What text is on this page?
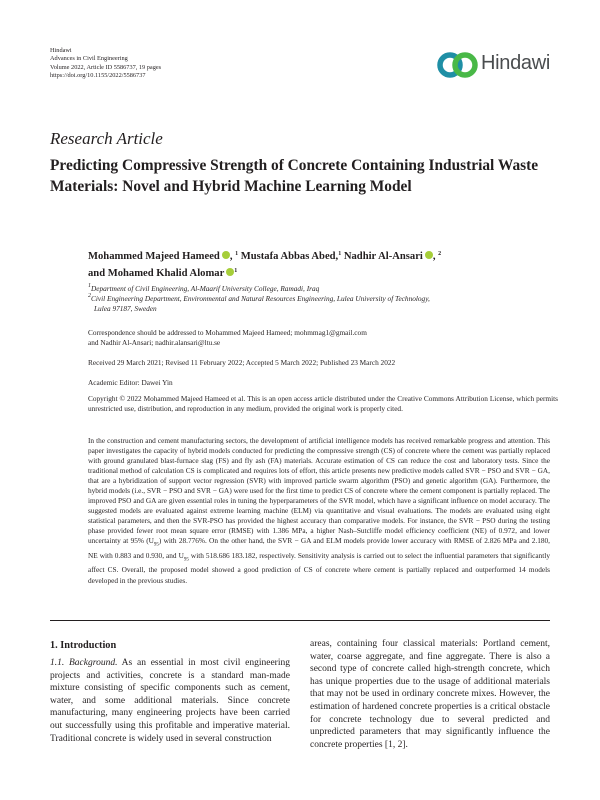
Hindawi
Advances in Civil Engineering
Volume 2022, Article ID 5586737, 19 pages
https://doi.org/10.1155/2022/5586737
Hindawi
Research Article
Predicting Compressive Strength of Concrete Containing Industrial Waste Materials: Novel and Hybrid Machine Learning Model
Mohammed Majeed Hameed , $^1$ Mustafa Abbas Abed,$^1$ Nadhir Al-Ansari , $^2$
and Mohamed Khalid Alomar $^1$
$^1$Department of Civil Engineering, Al-Maarif University College, Ramadi, Iraq
$^2$Civil Engineering Department, Environmental and Natural Resources Engineering, Lulea University of Technology,
Lulea 97187, Sweden
Correspondence should be addressed to Mohammed Majeed Hameed; mohmmag1@gmail.com
and Nadhir Al-Ansari; nadhir.alansari@ltu.se
Received 29 March 2021; Revised 11 February 2022; Accepted 5 March 2022; Published 23 March 2022
Academic Editor: Dawei Yin
Copyright © 2022 Mohammed Majeed Hameed et al. This is an open access article distributed under the Creative Commons Attribution License, which permits unrestricted use, distribution, and reproduction in any medium, provided the original work is properly cited.

In the construction and cement manufacturing sectors, the development of artificial intelligence models has received remarkable progress and attention. This paper investigates the capacity of hybrid models conducted for predicting the compressive strength (CS) of concrete where the cement was partially replaced with ground granulated blast-furnace slag (FS) and fly ash (FA) materials. Accurate estimation of CS can reduce the cost and laboratory tests. Since the traditional method of calculation CS is complicated and requires lots of effort, this article presents new predictive models called SVR − PSO and SVR − GA, that are a hybridization of support vector regression (SVR) with improved particle swarm algorithm (PSO) and genetic algorithm (GA). Furthermore, the hybrid models (i.e., SVR − PSO and SVR − GA) were used for the first time to predict CS of concrete where the cement component is partially replaced. The improved PSO and GA are given essential roles in tuning the hyperparameters of the SVR model, which have a significant influence on model accuracy. The suggested models are evaluated against extreme learning machine (ELM) via quantitative and visual evaluations. The models are evaluated using eight statistical parameters, and then the SVR-PSO has provided the highest accuracy than comparative models. For instance, the SVR − PSO during the testing phase provided fewer root mean square error (RMSE) with 1.386 MPa, a higher Nash–Sutcliffe model efficiency coefficient (NE) of 0.972, and lower uncertainty at 95% $(U_{95})$ with 28.776%. On the other hand, the SVR − GA and ELM models provide lower accuracy with RMSE of 2.826 MPa and 2.180, NE with 0.883 and 0.930, and $U_{95}$ with 518.686 183.182, respectively. Sensitivity analysis is carried out to select the influential parameters that significantly affect CS. Overall, the proposed model showed a good prediction of CS of concrete where cement is partially replaced and outperformed 14 models developed in the previous studies.

1. Introduction

1.1. Background. As an essential in most civil engineering projects and activities, concrete is a standard man-made mixture consisting of specific components such as cement, water, and some additional materials. Since concrete manufacturing, many engineering projects have been carried out successfully using this profitable and imperative material. Traditional concrete is widely used in several construction

areas, containing four classical materials: Portland cement, water, coarse aggregate, and fine aggregate. There is also a second type of concrete called high-strength concrete, which has unique properties due to the usage of additional materials that may not be used in ordinary concrete mixes. However, the estimation of hardened concrete properties is a critical obstacle for concrete technology due to several predicted and unpredicted parameters that may significantly influence the concrete properties [1, 2].
